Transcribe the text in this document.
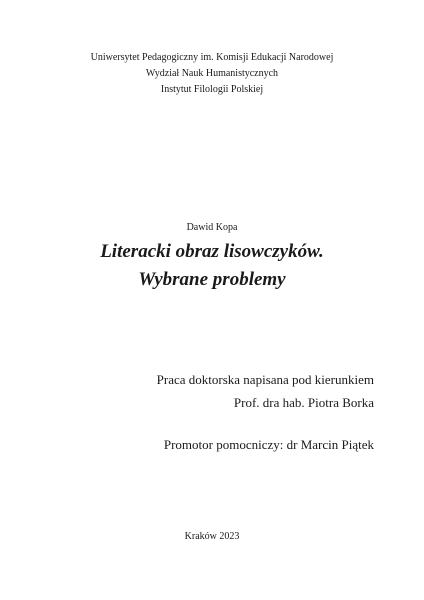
Uniwersytet Pedagogiczny im. Komisji Edukacji Narodowej
Wydział Nauk Humanistycznych
Instytut Filologii Polskiej
Dawid Kopa
Literacki obraz lisowczyków.
Wybrane problemy
Praca doktorska napisana pod kierunkiem
Prof. dra hab. Piotra Borka
Promotor pomocniczy: dr Marcin Piątek
Kraków 2023
